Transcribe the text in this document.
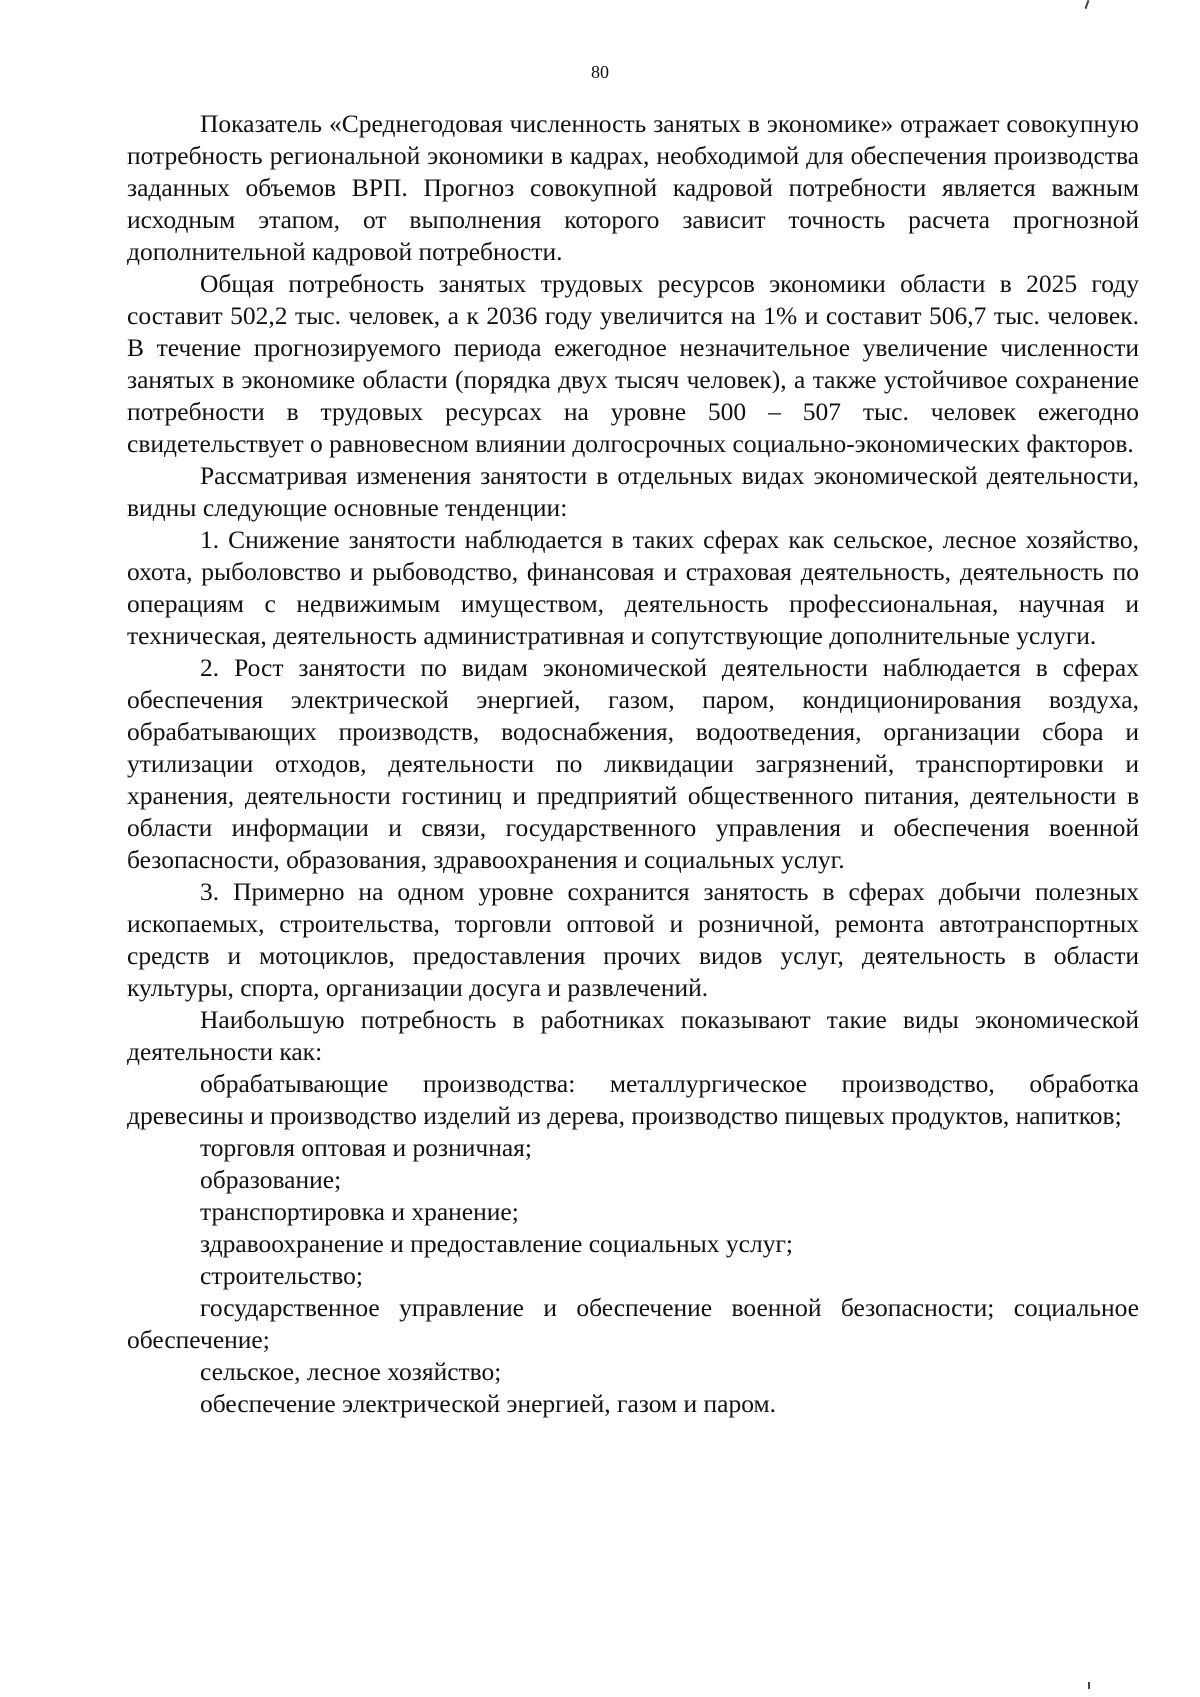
80

Показатель «Среднегодовая численность занятых в экономике» отражает совокупную потребность региональной экономики в кадрах, необходимой для обеспечения производства заданных объемов ВРП. Прогноз совокупной кадровой потребности является важным исходным этапом, от выполнения которого зависит точность расчета прогнозной дополнительной кадровой потребности.

Общая потребность занятых трудовых ресурсов экономики области в 2025 году составит 502,2 тыс. человек, а к 2036 году увеличится на 1% и составит 506,7 тыс. человек. В течение прогнозируемого периода ежегодное незначительное увеличение численности занятых в экономике области (порядка двух тысяч человек), а также устойчивое сохранение потребности в трудовых ресурсах на уровне 500 – 507 тыс. человек ежегодно свидетельствует о равновесном влиянии долгосрочных социально-экономических факторов.

Рассматривая изменения занятости в отдельных видах экономической деятельности, видны следующие основные тенденции:

1. Снижение занятости наблюдается в таких сферах как сельское, лесное хозяйство, охота, рыболовство и рыбоводство, финансовая и страховая деятельность, деятельность по операциям с недвижимым имуществом, деятельность профессиональная, научная и техническая, деятельность административная и сопутствующие дополнительные услуги.

2. Рост занятости по видам экономической деятельности наблюдается в сферах обеспечения электрической энергией, газом, паром, кондиционирования воздуха, обрабатывающих производств, водоснабжения, водоотведения, организации сбора и утилизации отходов, деятельности по ликвидации загрязнений, транспортировки и хранения, деятельности гостиниц и предприятий общественного питания, деятельности в области информации и связи, государственного управления и обеспечения военной безопасности, образования, здравоохранения и социальных услуг.

3. Примерно на одном уровне сохранится занятость в сферах добычи полезных ископаемых, строительства, торговли оптовой и розничной, ремонта автотранспортных средств и мотоциклов, предоставления прочих видов услуг, деятельность в области культуры, спорта, организации досуга и развлечений.

Наибольшую потребность в работниках показывают такие виды экономической деятельности как:

обрабатывающие производства: металлургическое производство, обработка древесины и производство изделий из дерева, производство пищевых продуктов, напитков;
торговля оптовая и розничная;
образование;
транспортировка и хранение;
здравоохранение и предоставление социальных услуг;
строительство;
государственное управление и обеспечение военной безопасности; социальное обеспечение;
сельское, лесное хозяйство;
обеспечение электрической энергией, газом и паром.
